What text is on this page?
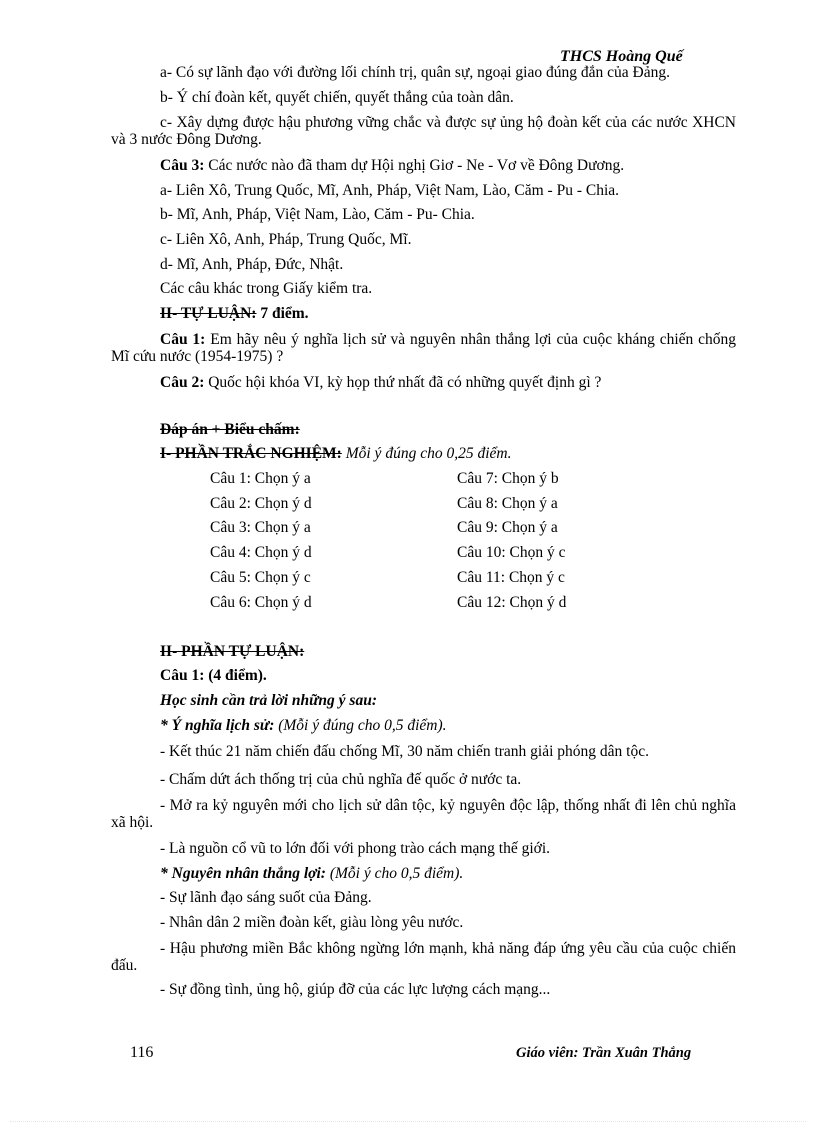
THCS Hoàng Quế

a- Có sự lãnh đạo với đường lối chính trị, quân sự, ngoại giao đúng đắn của Đảng.

b- Ý chí đoàn kết, quyết chiến, quyết thắng của toàn dân.

c- Xây dựng được hậu phương vững chắc và được sự ủng hộ đoàn kết của các nước XHCN và 3 nước Đông Dương.

Câu 3: Các nước nào đã tham dự Hội nghị Giơ - Ne - Vơ về Đông Dương.
a- Liên Xô, Trung Quốc, Mĩ, Anh, Pháp, Việt Nam, Lào, Căm - Pu - Chia.
b- Mĩ, Anh, Pháp, Việt Nam, Lào, Căm - Pu- Chia.
c- Liên Xô, Anh, Pháp, Trung Quốc, Mĩ.
d- Mĩ, Anh, Pháp, Đức, Nhật.
Các câu khác trong Giấy kiểm tra.
II- TỰ LUẬN: 7 điểm.

Câu 1: Em hãy nêu ý nghĩa lịch sử và nguyên nhân thắng lợi của cuộc kháng chiến chống Mĩ cứu nước (1954-1975) ?

Câu 2: Quốc hội khóa VI, kỳ họp thứ nhất đã có những quyết định gì ?
Đáp án + Biểu chấm:
I- PHẦN TRẮC NGHIỆM: Mỗi ý đúng cho 0,25 điểm.
Câu 1: Chọn ý a	Câu 7: Chọn ý b
Câu 2: Chọn ý d	Câu 8: Chọn ý a
Câu 3: Chọn ý a	Câu 9: Chọn ý a
Câu 4: Chọn ý d	Câu 10: Chọn ý c
Câu 5: Chọn ý c	Câu 11: Chọn ý c
Câu 6: Chọn ý d	Câu 12: Chọn ý d
II- PHẦN TỰ LUẬN:
Câu 1: (4 điểm).
Học sinh cần trả lời những ý sau:
* Ý nghĩa lịch sử: (Mỗi ý đúng cho 0,5 điểm).

- Kết thúc 21 năm chiến đấu chống Mĩ, 30 năm chiến tranh giải phóng dân tộc.

- Chấm dứt ách thống trị của chủ nghĩa đế quốc ở nước ta.

- Mở ra kỷ nguyên mới cho lịch sử dân tộc, kỷ nguyên độc lập, thống nhất đi lên chủ nghĩa xã hội.

- Là nguồn cổ vũ to lớn đối với phong trào cách mạng thế giới.
* Nguyên nhân thắng lợi: (Mỗi ý cho 0,5 điểm).
- Sự lãnh đạo sáng suốt của Đảng.
- Nhân dân 2 miền đoàn kết, giàu lòng yêu nước.

- Hậu phương miền Bắc không ngừng lớn mạnh, khả năng đáp ứng yêu cầu của cuộc chiến đấu.

- Sự đồng tình, ủng hộ, giúp đỡ của các lực lượng cách mạng...
116	Giáo viên: Trần Xuân Thắng
